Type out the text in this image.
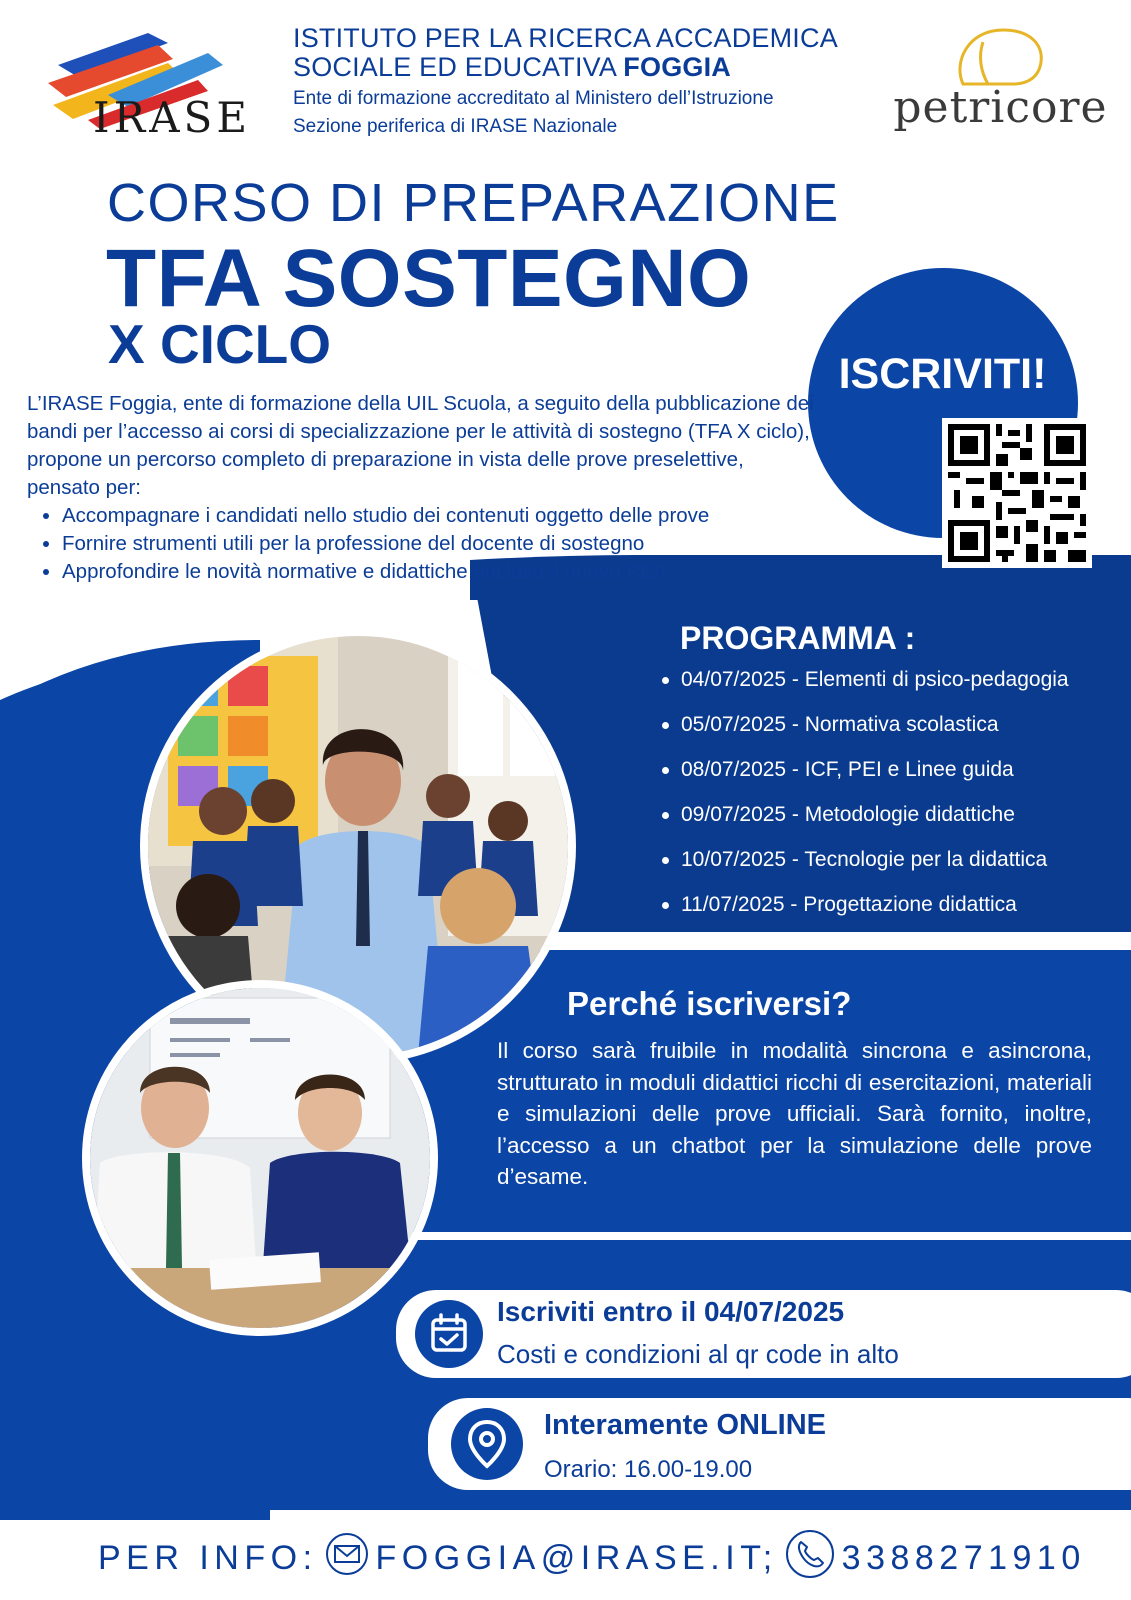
IRASE
ISTITUTO PER LA RICERCA ACCADEMICA
SOCIALE ED EDUCATIVA FOGGIA
Ente di formazione accreditato al Ministero dell’Istruzione
Sezione periferica di IRASE Nazionale	petricore
CORSO DI PREPARAZIONE
TFA SOSTEGNO
X CICLO	ISCRIVITI!
L’IRASE Foggia, ente di formazione della UIL Scuola, a seguito della pubblicazione dei bandi per l’accesso ai corsi di specializzazione per le attività di sostegno (TFA X ciclo), propone un percorso completo di preparazione in vista delle prove preselettive, pensato per:
• Accompagnare i candidati nello studio dei contenuti oggetto delle prove
• Fornire strumenti utili per la professione del docente di sostegno
• Approfondire le novità normative e didattiche (incluso il nuovo PEI)
PROGRAMMA :
04/07/2025 - Elementi di psico-pedagogia
05/07/2025 - Normativa scolastica
08/07/2025 - ICF, PEI e Linee guida
09/07/2025 - Metodologie didattiche
10/07/2025 - Tecnologie per la didattica
11/07/2025 - Progettazione didattica
Perché iscriversi?
Il corso sarà fruibile in modalità sincrona e asincrona, strutturato in moduli didattici ricchi di esercitazioni, materiali e simulazioni delle prove ufficiali. Sarà fornito, inoltre, l’accesso a un chatbot per la simulazione delle prove d’esame.
Iscriviti entro il 04/07/2025
Costi e condizioni al qr code in alto
Interamente ONLINE
Orario: 16.00-19.00
PER INFO: FOGGIA@IRASE.IT; 3388271910
